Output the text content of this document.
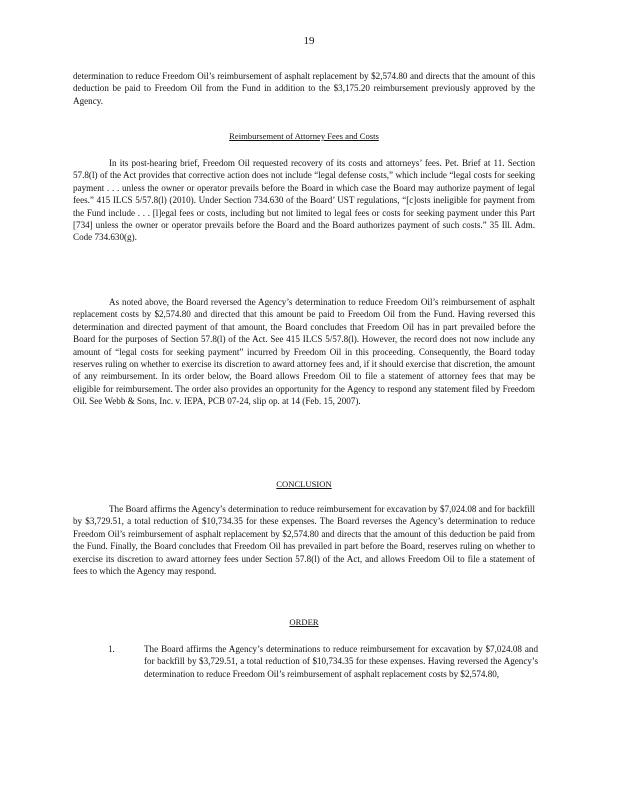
19

determination to reduce Freedom Oil’s reimbursement of asphalt replacement by $2,574.80 and directs that the amount of this deduction be paid to Freedom Oil from the Fund in addition to the $3,175.20 reimbursement previously approved by the Agency.

Reimbursement of Attorney Fees and Costs

In its post-hearing brief, Freedom Oil requested recovery of its costs and attorneys’ fees. Pet. Brief at 11. Section 57.8(l) of the Act provides that corrective action does not include “legal defense costs,” which include “legal costs for seeking payment . . . unless the owner or operator prevails before the Board in which case the Board may authorize payment of legal fees.” 415 ILCS 5/57.8(l) (2010). Under Section 734.630 of the Board’ UST regulations, “[c]osts ineligible for payment from the Fund include . . . [l]egal fees or costs, including but not limited to legal fees or costs for seeking payment under this Part [734] unless the owner or operator prevails before the Board and the Board authorizes payment of such costs.” 35 Ill. Adm. Code 734.630(g).

As noted above, the Board reversed the Agency’s determination to reduce Freedom Oil’s reimbursement of asphalt replacement costs by $2,574.80 and directed that this amount be paid to Freedom Oil from the Fund. Having reversed this determination and directed payment of that amount, the Board concludes that Freedom Oil has in part prevailed before the Board for the purposes of Section 57.8(l) of the Act. See 415 ILCS 5/57.8(l). However, the record does not now include any amount of “legal costs for seeking payment” incurred by Freedom Oil in this proceeding. Consequently, the Board today reserves ruling on whether to exercise its discretion to award attorney fees and, if it should exercise that discretion, the amount of any reimbursement. In its order below, the Board allows Freedom Oil to file a statement of attorney fees that may be eligible for reimbursement. The order also provides an opportunity for the Agency to respond any statement filed by Freedom Oil. See Webb & Sons, Inc. v. IEPA, PCB 07-24, slip op. at 14 (Feb. 15, 2007).

CONCLUSION

The Board affirms the Agency’s determination to reduce reimbursement for excavation by $7,024.08 and for backfill by $3,729.51, a total reduction of $10,734.35 for these expenses. The Board reverses the Agency’s determination to reduce Freedom Oil’s reimbursement of asphalt replacement by $2,574.80 and directs that the amount of this deduction be paid from the Fund. Finally, the Board concludes that Freedom Oil has prevailed in part before the Board, reserves ruling on whether to exercise its discretion to award attorney fees under Section 57.8(l) of the Act, and allows Freedom Oil to file a statement of fees to which the Agency may respond.

ORDER

1.	The Board affirms the Agency’s determinations to reduce reimbursement for excavation by $7,024.08 and for backfill by $3,729.51, a total reduction of $10,734.35 for these expenses. Having reversed the Agency’s determination to reduce Freedom Oil’s reimbursement of asphalt replacement costs by $2,574.80,
